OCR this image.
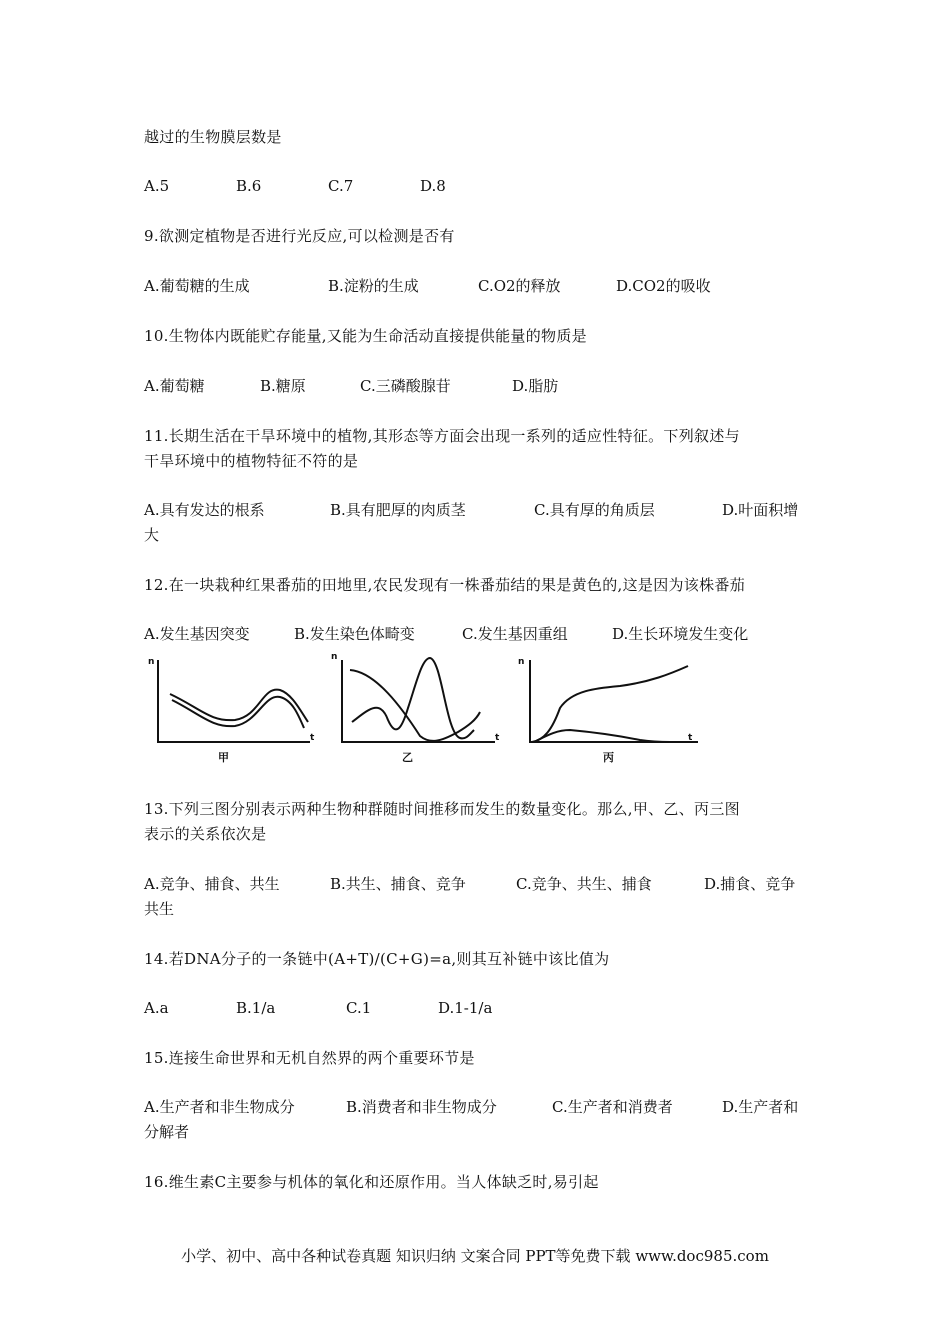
越过的生物膜层数是
A.5	B.6	C.7	D.8
9.欲测定植物是否进行光反应,可以检测是否有
A.葡萄糖的生成	B.淀粉的生成	C.O2的释放	D.CO2的吸收
10.生物体内既能贮存能量,又能为生命活动直接提供能量的物质是
A.葡萄糖	B.糖原	C.三磷酸腺苷	D.脂肪
11.长期生活在干旱环境中的植物,其形态等方面会出现一系列的适应性特征。下列叙述与
干旱环境中的植物特征不符的是
A.具有发达的根系	B.具有肥厚的肉质茎	C.具有厚的角质层	D.叶面积增
大
12.在一块栽种红果番茄的田地里,农民发现有一株番茄结的果是黄色的,这是因为该株番茄
A.发生基因突变	B.发生染色体畸变	C.发生基因重组	D.生长环境发生变化
n
t
甲
n
t
乙
n
t
丙
13.下列三图分别表示两种生物种群随时间推移而发生的数量变化。那么,甲、乙、丙三图
表示的关系依次是
A.竞争、捕食、共生	B.共生、捕食、竞争	C.竞争、共生、捕食	D.捕食、竞争
共生
14.若DNA分子的一条链中(A+T)/(C+G)=a,则其互补链中该比值为
A.a	B.1/a	C.1	D.1-1/a
15.连接生命世界和无机自然界的两个重要环节是
A.生产者和非生物成分	B.消费者和非生物成分	C.生产者和消费者	D.生产者和
分解者
16.维生素C主要参与机体的氧化和还原作用。当人体缺乏时,易引起
小学、初中、高中各种试卷真题 知识归纳 文案合同 PPT等免费下载 www.doc985.com
